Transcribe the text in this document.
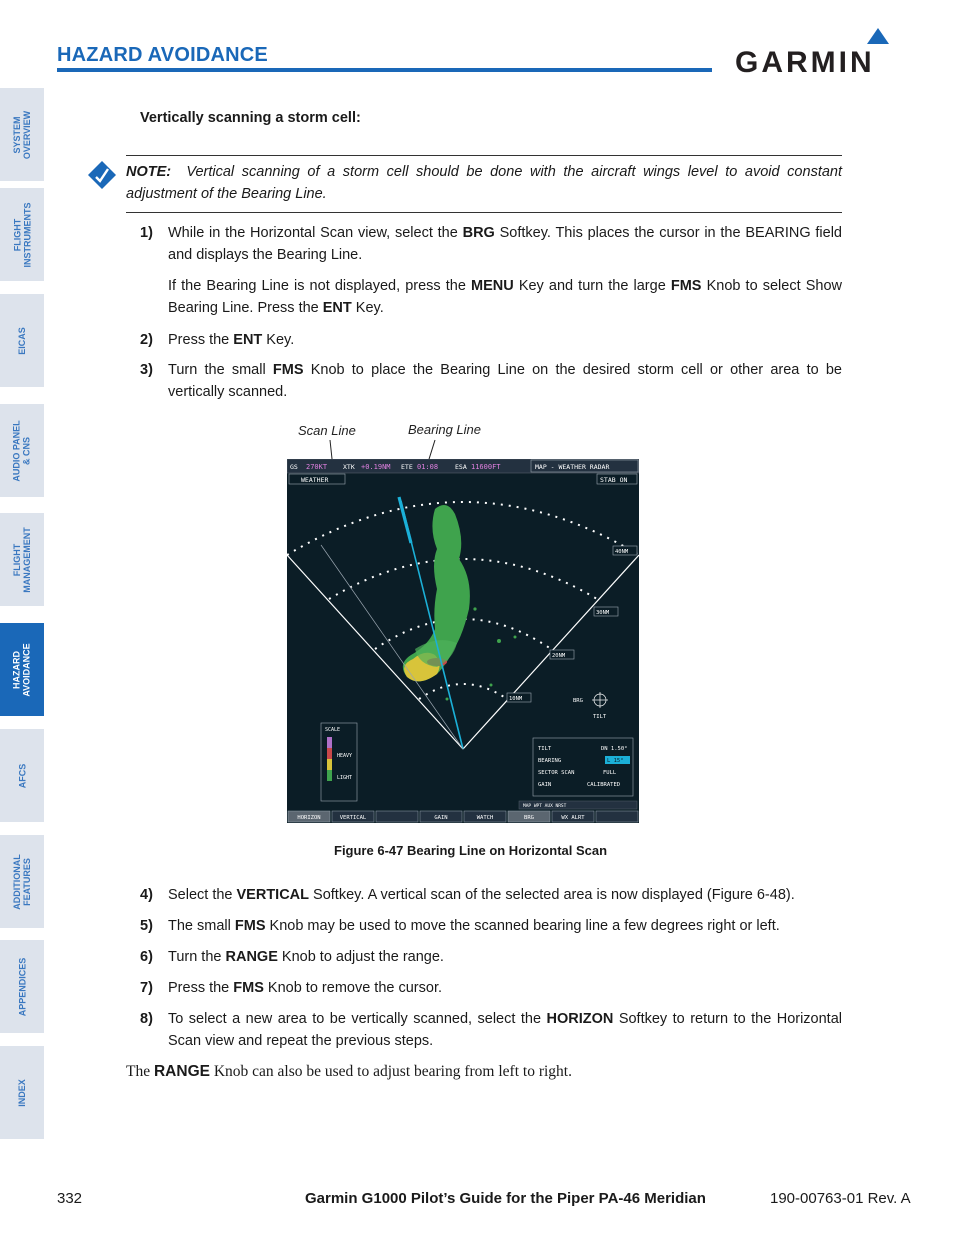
HAZARD AVOIDANCE	GARMIN
SYSTEM
OVERVIEW
FLIGHT
INSTRUMENTS
EICAS
AUDIO PANEL
& CNS
FLIGHT
MANAGEMENT
HAZARD
AVOIDANCE
AFCS
ADDITIONAL
FEATURES
APPENDICES
INDEX
Vertically scanning a storm cell:
NOTE: Vertical scanning of a storm cell should be done with the aircraft wings level to avoid constant adjustment of the Bearing Line.
1) While in the Horizontal Scan view, select the BRG Softkey. This places the cursor in the BEARING field and displays the Bearing Line.
If the Bearing Line is not displayed, press the MENU Key and turn the large FMS Knob to select Show Bearing Line. Press the ENT Key.
2) Press the ENT Key.
3) Turn the small FMS Knob to place the Bearing Line on the desired storm cell or other area to be vertically scanned.
Scan Line	Bearing Line
GS 270KT XTK +0.19NM ETE 01:08	ESA 11600FT	MAP - WEATHER RADAR
WEATHER	STAB ON
40NM
30NM
20NM
10NM	BRG
TILT
SCALE
HEAVY
LIGHT
TILT	DN 1.50°
BEARING	L 15°
SECTOR SCAN	FULL
GAIN	CALIBRATED
MAP WPT AUX NRST
HORIZON	VERTICAL	GAIN	WATCH	BRG	WX ALRT
Figure 6-47 Bearing Line on Horizontal Scan
4) Select the VERTICAL Softkey. A vertical scan of the selected area is now displayed (Figure 6-48).
5) The small FMS Knob may be used to move the scanned bearing line a few degrees right or left.
6) Turn the RANGE Knob to adjust the range.
7) Press the FMS Knob to remove the cursor.
8) To select a new area to be vertically scanned, select the HORIZON Softkey to return to the Horizontal Scan view and repeat the previous steps.
The RANGE Knob can also be used to adjust bearing from left to right.
332	Garmin G1000 Pilot’s Guide for the Piper PA-46 Meridian	190-00763-01 Rev. A
